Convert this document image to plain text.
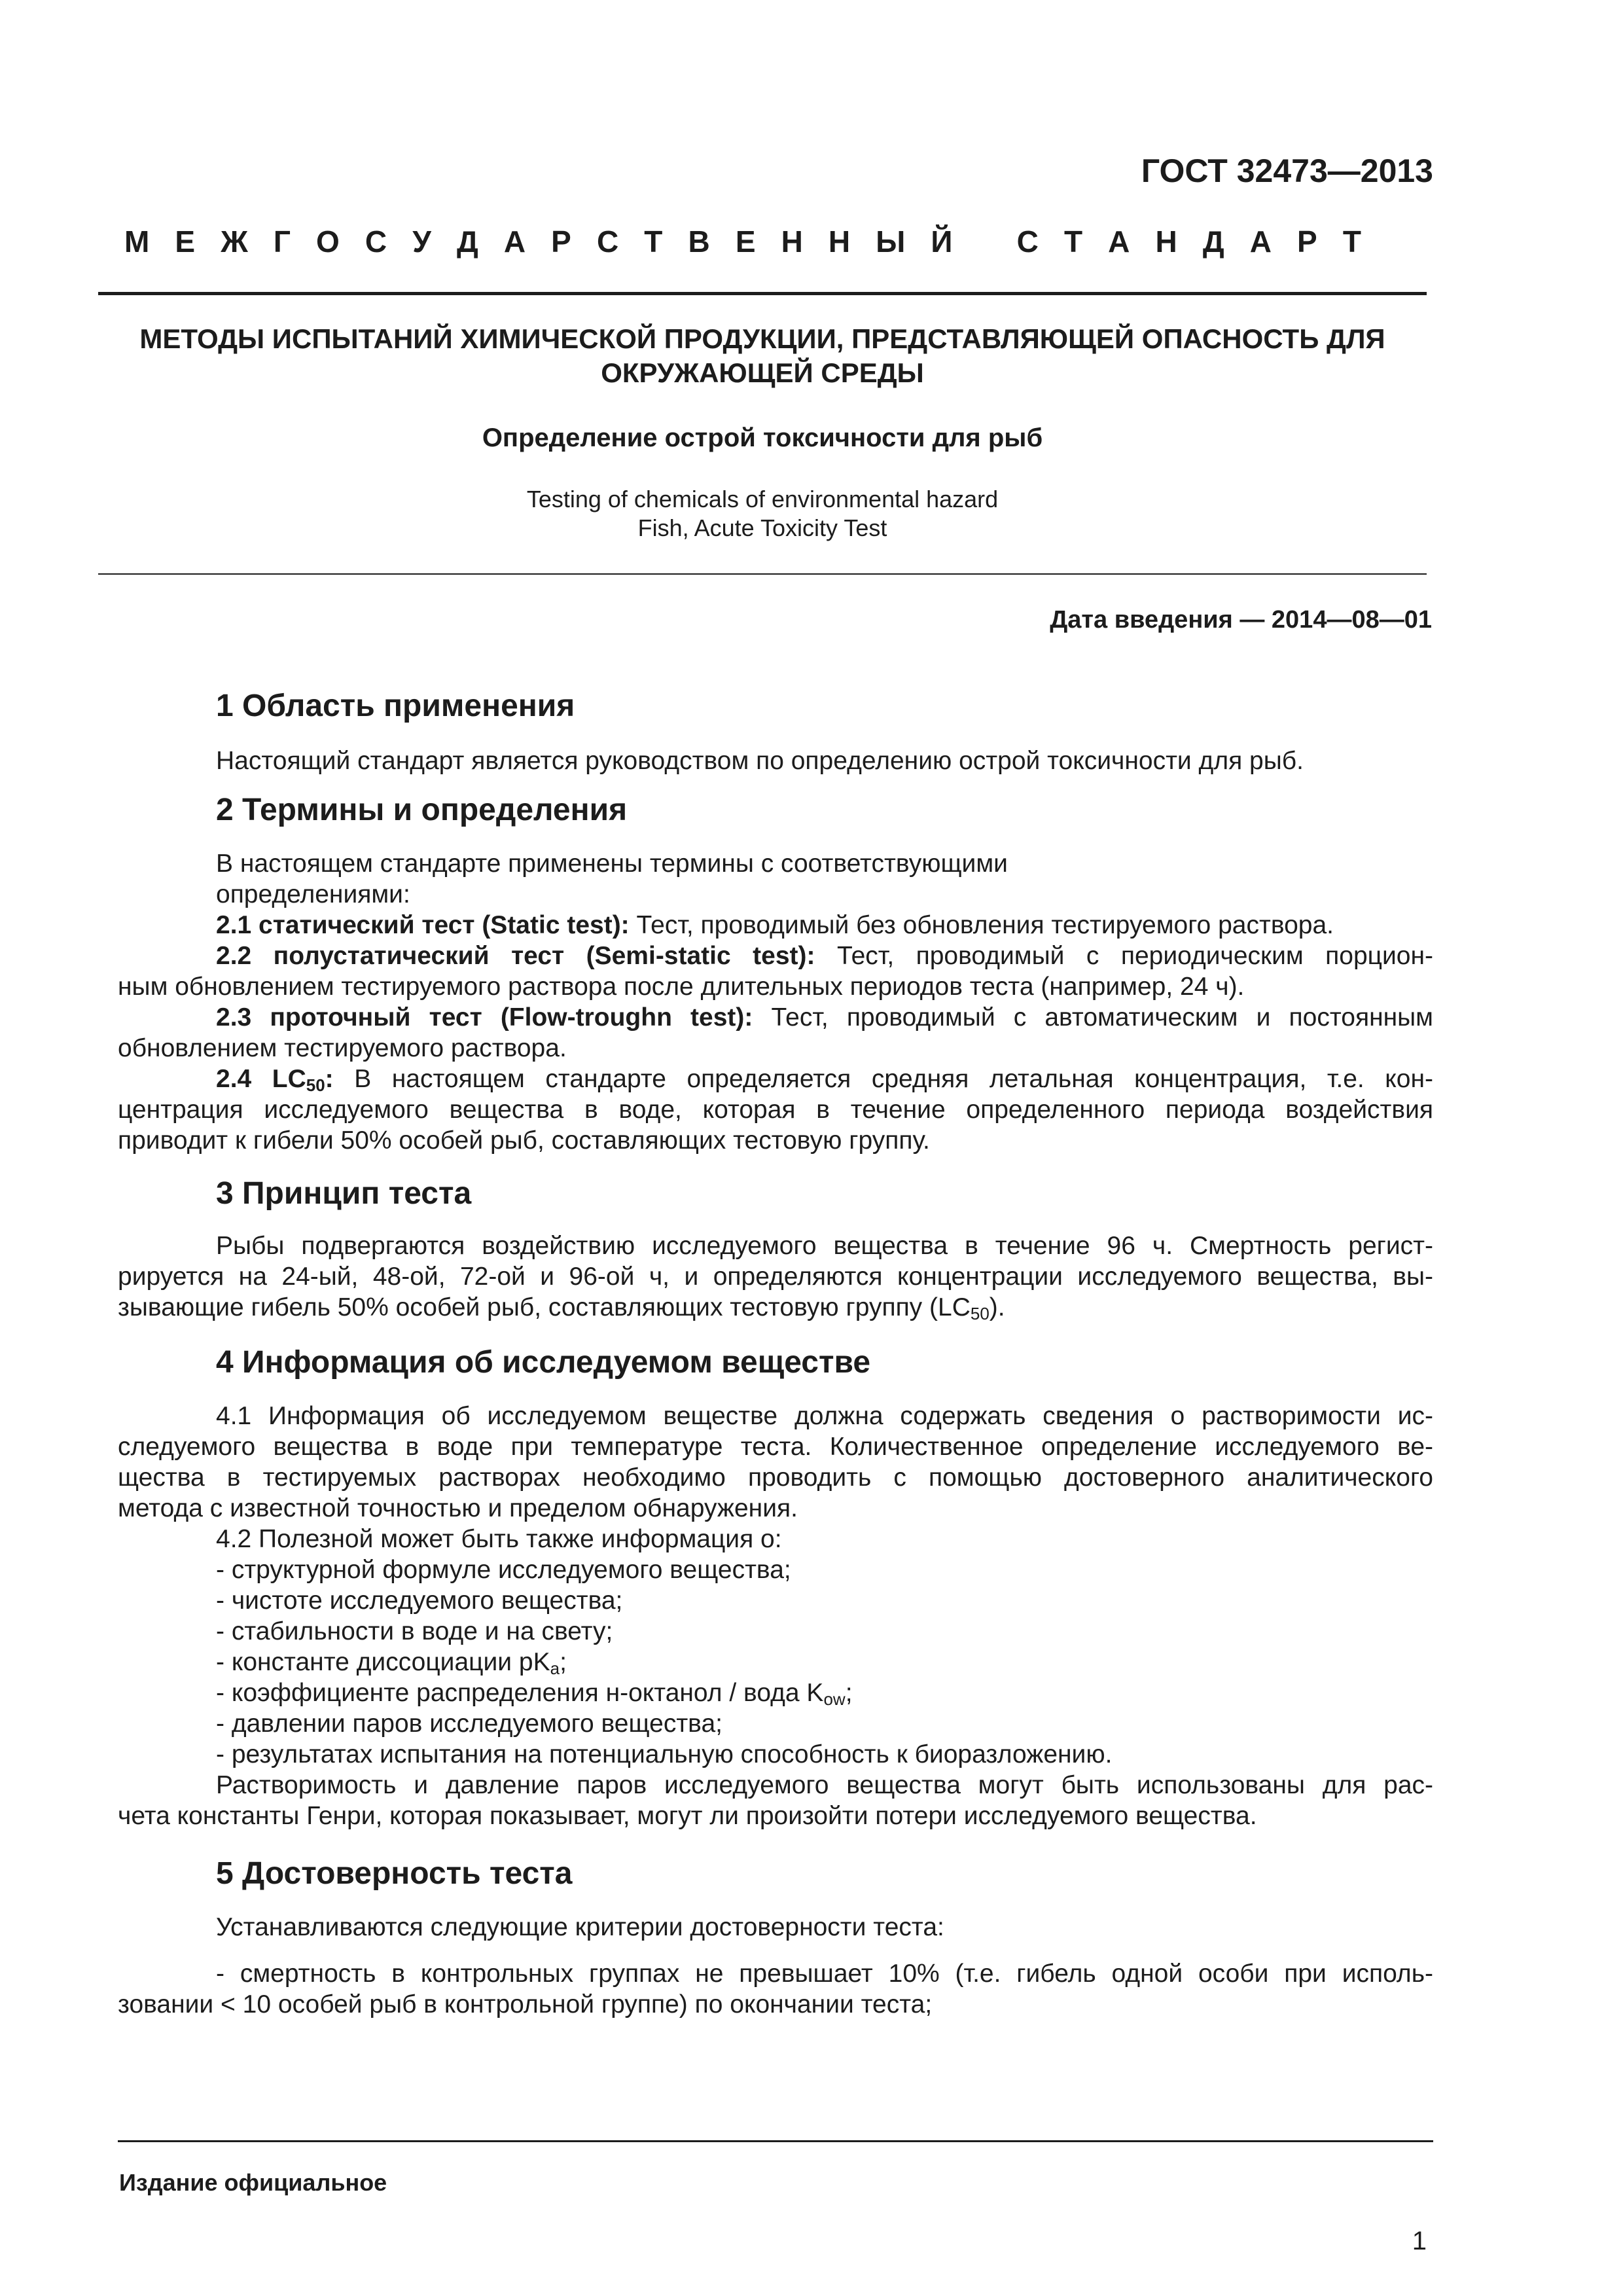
ГОСТ 32473—2013
М Е Ж Г О С У Д А Р С Т В Е Н Н Ы Й С Т А Н Д А Р Т
МЕТОДЫ ИСПЫТАНИЙ ХИМИЧЕСКОЙ ПРОДУКЦИИ, ПРЕДСТАВЛЯЮЩЕЙ ОПАСНОСТЬ ДЛЯ ОКРУЖАЮЩЕЙ СРЕДЫ
Определение острой токсичности для рыб
Testing of chemicals of environmental hazard
Fish, Acute Toxicity Test
Дата введения — 2014—08—01
1 Область применения
Настоящий стандарт является руководством по определению острой токсичности для рыб.
2 Термины и определения
В настоящем стандарте применены термины с соответствующими
определениями:
2.1 статический тест (Static test): Тест, проводимый без обновления тестируемого раствора.
2.2 полустатический тест (Semi-static test): Тест, проводимый с периодическим порцион-
ным обновлением тестируемого раствора после длительных периодов теста (например, 24 ч).
2.3 проточный тест (Flow-troughn test): Тест, проводимый с автоматическим и постоянным
обновлением тестируемого раствора.
2.4 $LC_{50}$: В настоящем стандарте определяется средняя летальная концентрация, т.е. кон-
центрация исследуемого вещества в воде, которая в течение определенного периода воздействия
приводит к гибели 50% особей рыб, составляющих тестовую группу.
3 Принцип теста
Рыбы подвергаются воздействию исследуемого вещества в течение 96 ч. Смертность регист-
рируется на 24-ый, 48-ой, 72-ой и 96-ой ч, и определяются концентрации исследуемого вещества, вы-
зывающие гибель 50% особей рыб, составляющих тестовую группу $(LC_{50})$.
4 Информация об исследуемом веществе
4.1 Информация об исследуемом веществе должна содержать сведения о растворимости ис-
следуемого вещества в воде при температуре теста. Количественное определение исследуемого ве-
щества в тестируемых растворах необходимо проводить с помощью достоверного аналитического
метода с известной точностью и пределом обнаружения.
4.2 Полезной может быть также информация о:
- структурной формуле исследуемого вещества;
- чистоте исследуемого вещества;
- стабильности в воде и на свету;
- константе диссоциации $pK_a$;
- коэффициенте распределения н-октанол / вода $K_{ow}$;
- давлении паров исследуемого вещества;
- результатах испытания на потенциальную способность к биоразложению.
Растворимость и давление паров исследуемого вещества могут быть использованы для рас-
чета константы Генри, которая показывает, могут ли произойти потери исследуемого вещества.
5 Достоверность теста
Устанавливаются следующие критерии достоверности теста:
- смертность в контрольных группах не превышает 10% (т.е. гибель одной особи при исполь-
зовании < 10 особей рыб в контрольной группе) по окончании теста;
Издание официальное
1
